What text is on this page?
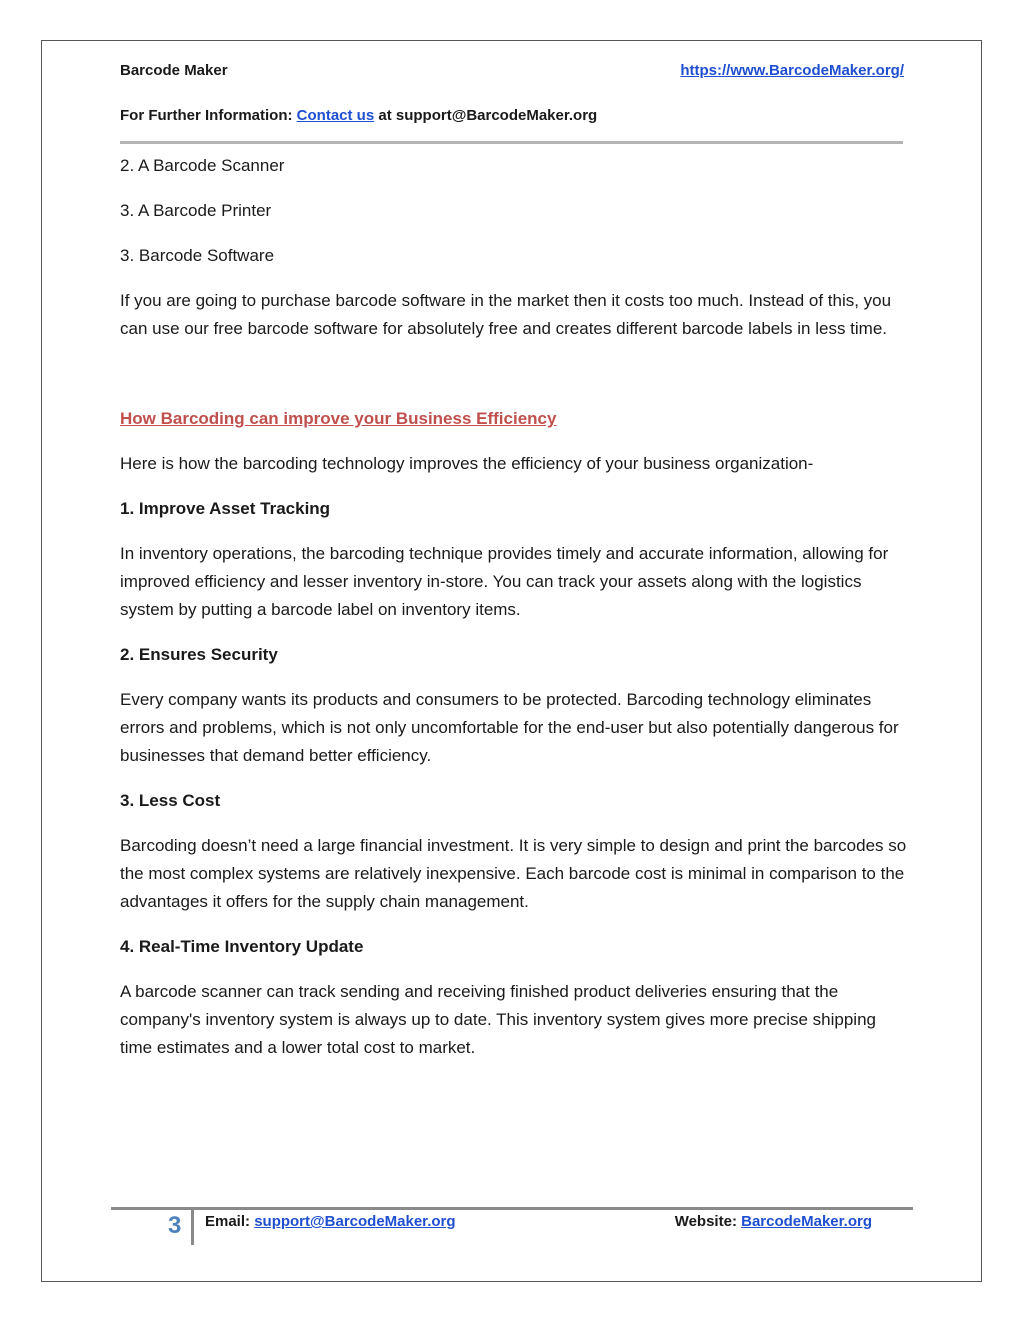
Barcode Maker	https://www.BarcodeMaker.org/
For Further Information: Contact us at support@BarcodeMaker.org

2. A Barcode Scanner

3. A Barcode Printer

3. Barcode Software

If you are going to purchase barcode software in the market then it costs too much. Instead of this, you can use our free barcode software for absolutely free and creates different barcode labels in less time.

How Barcoding can improve your Business Efficiency

Here is how the barcoding technology improves the efficiency of your business organization-

1. Improve Asset Tracking

In inventory operations, the barcoding technique provides timely and accurate information, allowing for improved efficiency and lesser inventory in-store. You can track your assets along with the logistics system by putting a barcode label on inventory items.

2. Ensures Security

Every company wants its products and consumers to be protected. Barcoding technology eliminates errors and problems, which is not only uncomfortable for the end-user but also potentially dangerous for businesses that demand better efficiency.

3. Less Cost

Barcoding doesn’t need a large financial investment. It is very simple to design and print the barcodes so the most complex systems are relatively inexpensive. Each barcode cost is minimal in comparison to the advantages it offers for the supply chain management.

4. Real-Time Inventory Update

A barcode scanner can track sending and receiving finished product deliveries ensuring that the company's inventory system is always up to date. This inventory system gives more precise shipping time estimates and a lower total cost to market.

3 Email: support@BarcodeMaker.org	Website: BarcodeMaker.org
